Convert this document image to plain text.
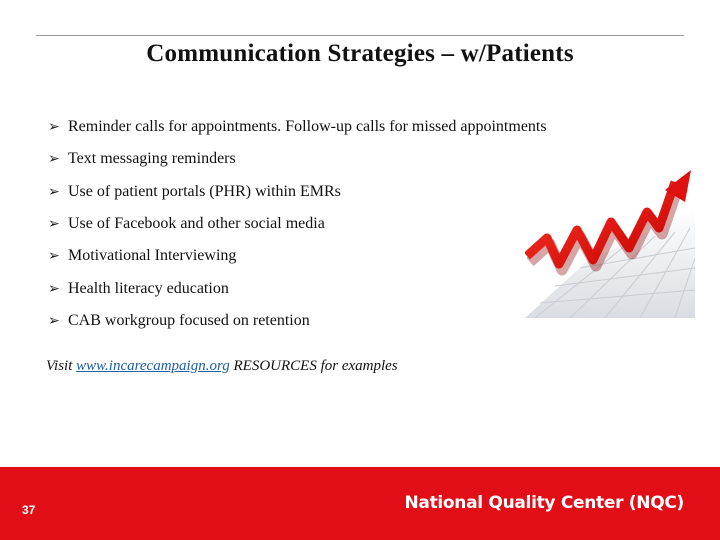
Communication Strategies – w/Patients
➢ Reminder calls for appointments. Follow-up calls for missed appointments
➢ Text messaging reminders
➢ Use of patient portals (PHR) within EMRs
➢ Use of Facebook and other social media
➢ Motivational Interviewing
➢ Health literacy education
➢ CAB workgroup focused on retention
Visit www.incarecampaign.org RESOURCES for examples
37	National Quality Center (NQC)
